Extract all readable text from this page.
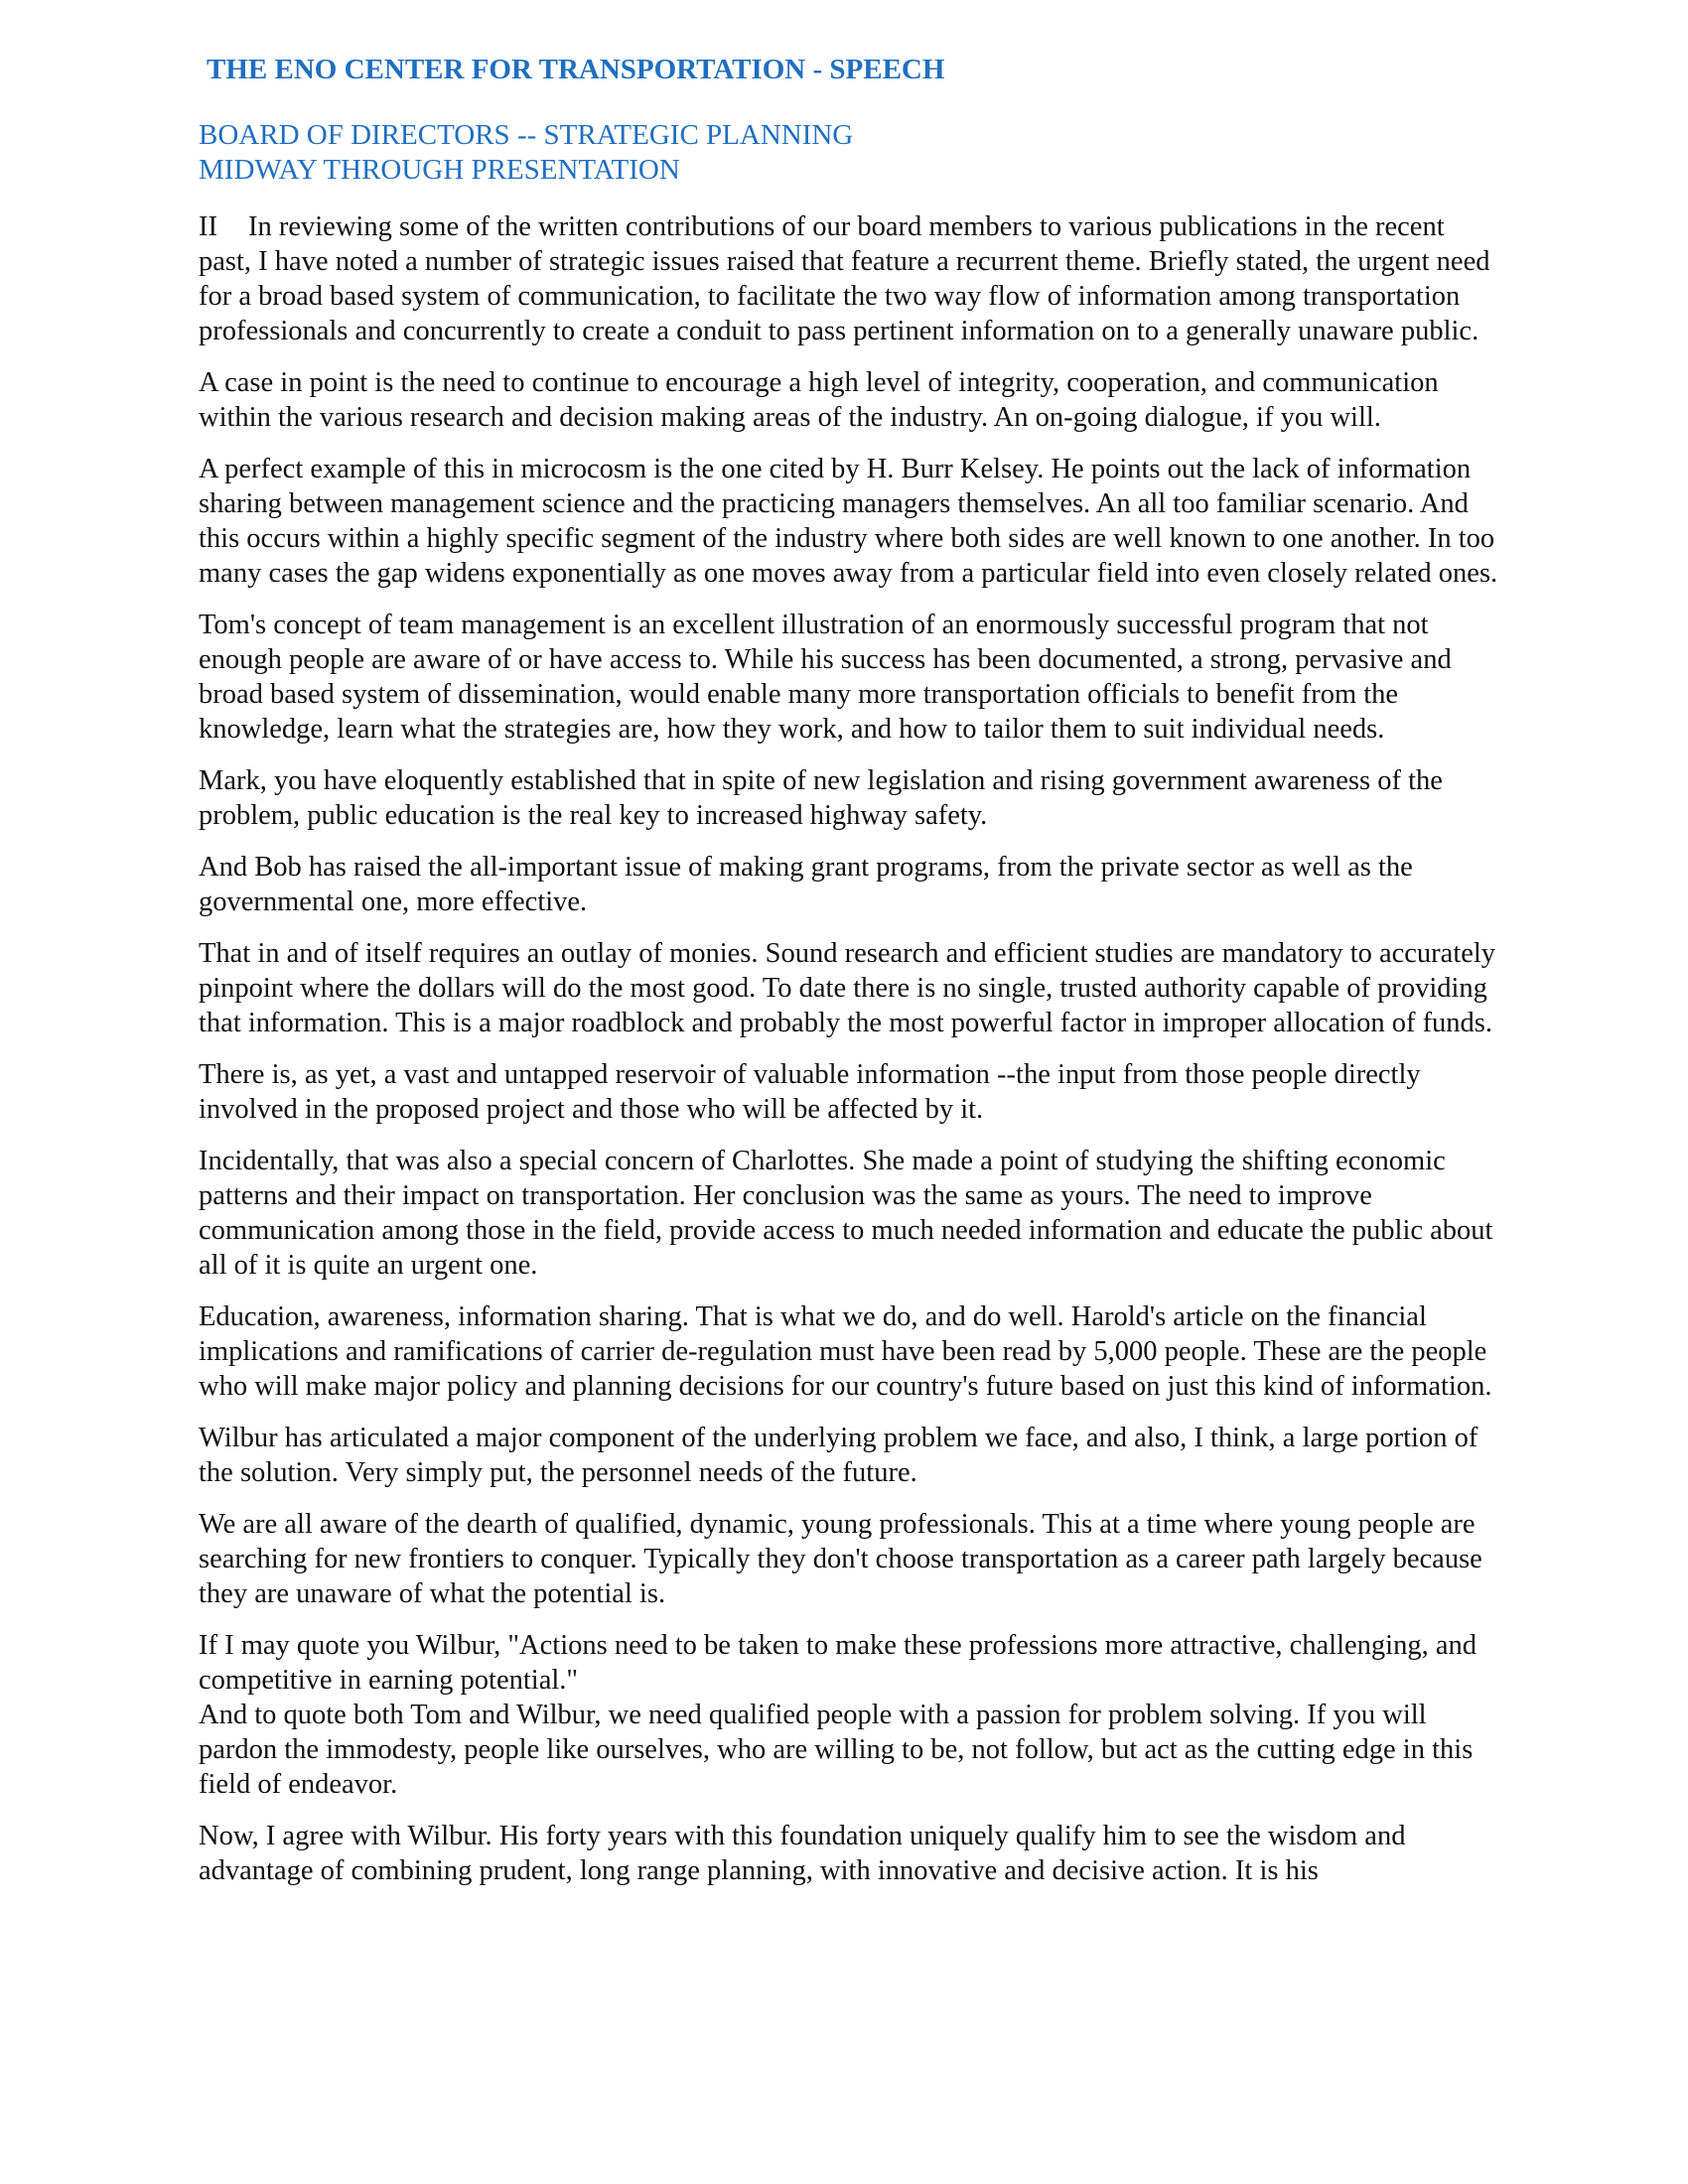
THE ENO CENTER FOR TRANSPORTATION - SPEECH

BOARD OF DIRECTORS -- STRATEGIC PLANNING

MIDWAY THROUGH PRESENTATION

II In reviewing some of the written contributions of our board members to various publications in the recent past, I have noted a number of strategic issues raised that feature a recurrent theme. Briefly stated, the urgent need for a broad based system of communication, to facilitate the two way flow of information among transportation professionals and concurrently to create a conduit to pass pertinent information on to a generally unaware public.

A case in point is the need to continue to encourage a high level of integrity, cooperation, and communication within the various research and decision making areas of the industry. An on-going dialogue, if you will.

A perfect example of this in microcosm is the one cited by H. Burr Kelsey. He points out the lack of information sharing between management science and the practicing managers themselves. An all too familiar scenario. And this occurs within a highly specific segment of the industry where both sides are well known to one another. In too many cases the gap widens exponentially as one moves away from a particular field into even closely related ones.

Tom's concept of team management is an excellent illustration of an enormously successful program that not enough people are aware of or have access to. While his success has been documented, a strong, pervasive and broad based system of dissemination, would enable many more transportation officials to benefit from the knowledge, learn what the strategies are, how they work, and how to tailor them to suit individual needs.

Mark, you have eloquently established that in spite of new legislation and rising government awareness of the problem, public education is the real key to increased highway safety.

And Bob has raised the all-important issue of making grant programs, from the private sector as well as the governmental one, more effective.

That in and of itself requires an outlay of monies. Sound research and efficient studies are mandatory to accurately pinpoint where the dollars will do the most good. To date there is no single, trusted authority capable of providing that information. This is a major roadblock and probably the most powerful factor in improper allocation of funds.

There is, as yet, a vast and untapped reservoir of valuable information --the input from those people directly involved in the proposed project and those who will be affected by it.

Incidentally, that was also a special concern of Charlottes. She made a point of studying the shifting economic patterns and their impact on transportation. Her conclusion was the same as yours. The need to improve communication among those in the field, provide access to much needed information and educate the public about all of it is quite an urgent one.

Education, awareness, information sharing. That is what we do, and do well. Harold's article on the financial implications and ramifications of carrier de-regulation must have been read by 5,000 people. These are the people who will make major policy and planning decisions for our country's future based on just this kind of information.

Wilbur has articulated a major component of the underlying problem we face, and also, I think, a large portion of the solution. Very simply put, the personnel needs of the future.

We are all aware of the dearth of qualified, dynamic, young professionals. This at a time where young people are searching for new frontiers to conquer. Typically they don't choose transportation as a career path largely because they are unaware of what the potential is.

If I may quote you Wilbur, "Actions need to be taken to make these professions more attractive, challenging, and competitive in earning potential."

And to quote both Tom and Wilbur, we need qualified people with a passion for problem solving. If you will pardon the immodesty, people like ourselves, who are willing to be, not follow, but act as the cutting edge in this field of endeavor.

Now, I agree with Wilbur. His forty years with this foundation uniquely qualify him to see the wisdom and advantage of combining prudent, long range planning, with innovative and decisive action. It is his
